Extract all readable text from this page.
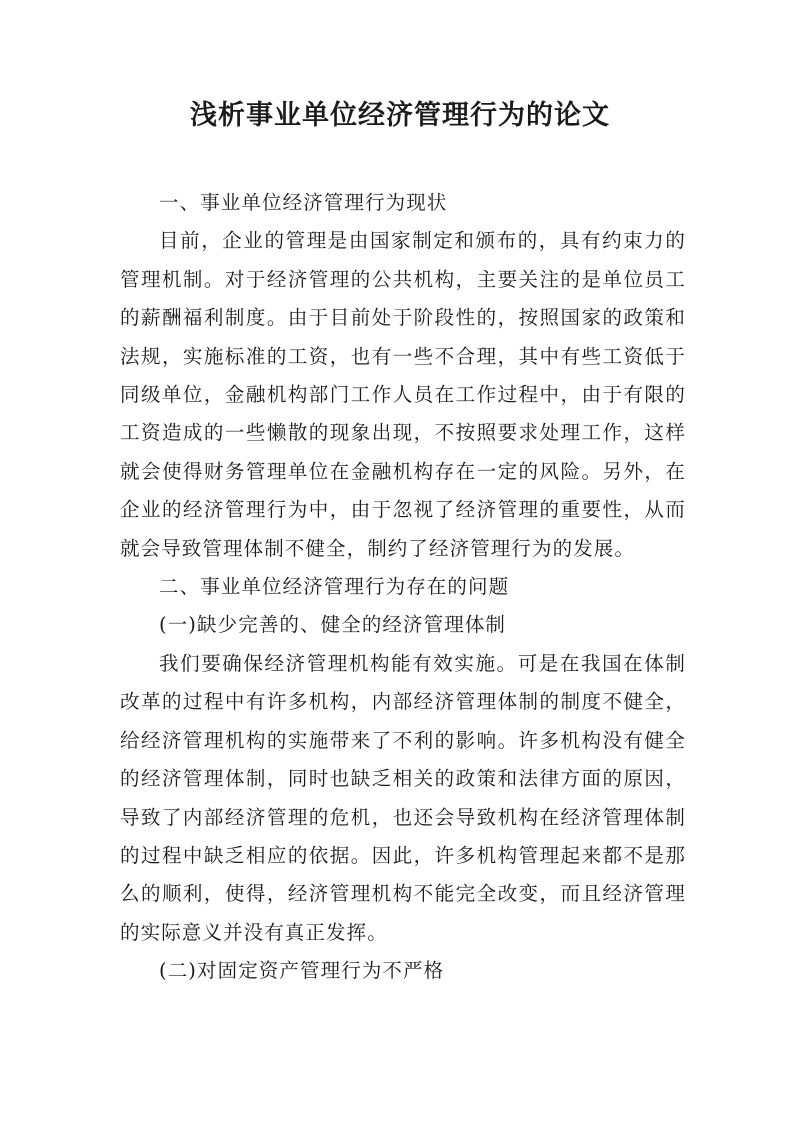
浅析事业单位经济管理行为的论文

一、事业单位经济管理行为现状

目前，企业的管理是由国家制定和颁布的，具有约束力的管理机制。对于经济管理的公共机构，主要关注的是单位员工的薪酬福利制度。由于目前处于阶段性的，按照国家的政策和法规，实施标准的工资，也有一些不合理，其中有些工资低于同级单位，金融机构部门工作人员在工作过程中，由于有限的工资造成的一些懒散的现象出现，不按照要求处理工作，这样就会使得财务管理单位在金融机构存在一定的风险。另外，在企业的经济管理行为中，由于忽视了经济管理的重要性，从而就会导致管理体制不健全，制约了经济管理行为的发展。

二、事业单位经济管理行为存在的问题

(一)缺少完善的、健全的经济管理体制

我们要确保经济管理机构能有效实施。可是在我国在体制改革的过程中有许多机构，内部经济管理体制的制度不健全，给经济管理机构的实施带来了不利的影响。许多机构没有健全的经济管理体制，同时也缺乏相关的政策和法律方面的原因，导致了内部经济管理的危机，也还会导致机构在经济管理体制的过程中缺乏相应的依据。因此，许多机构管理起来都不是那么的顺利，使得，经济管理机构不能完全改变，而且经济管理的实际意义并没有真正发挥。

(二)对固定资产管理行为不严格
